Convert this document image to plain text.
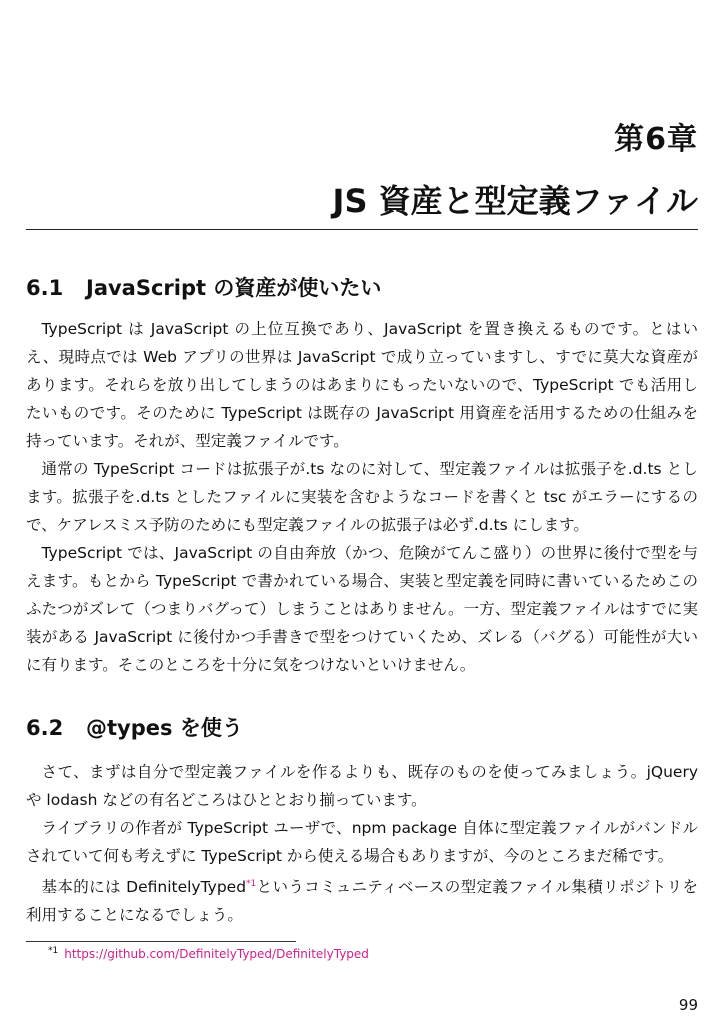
第6章
JS 資産と型定義ファイル
6.1 JavaScript の資産が使いたい

TypeScript は JavaScript の上位互換であり、JavaScript を置き換えるものです。とはいえ、現時点では Web アプリの世界は JavaScript で成り立っていますし、すでに莫大な資産があります。それらを放り出してしまうのはあまりにもったいないので、TypeScript でも活用したいものです。そのために TypeScript は既存の JavaScript 用資産を活用するための仕組みを持っています。それが、型定義ファイルです。

通常の TypeScript コードは拡張子が.ts なのに対して、型定義ファイルは拡張子を.d.ts とします。拡張子を.d.ts としたファイルに実装を含むようなコードを書くと tsc がエラーにするので、ケアレスミス予防のためにも型定義ファイルの拡張子は必ず.d.ts にします。

TypeScript では、JavaScript の自由奔放（かつ、危険がてんこ盛り）の世界に後付で型を与えます。もとから TypeScript で書かれている場合、実装と型定義を同時に書いているためこのふたつがズレて（つまりバグって）しまうことはありません。一方、型定義ファイルはすでに実装がある JavaScript に後付かつ手書きで型をつけていくため、ズレる（バグる）可能性が大いに有ります。そこのところを十分に気をつけないといけません。

6.2 @types を使う

さて、まずは自分で型定義ファイルを作るよりも、既存のものを使ってみましょう。jQuery や lodash などの有名どころはひととおり揃っています。

ライブラリの作者が TypeScript ユーザで、npm package 自体に型定義ファイルがバンドルされていて何も考えずに TypeScript から使える場合もありますが、今のところまだ稀です。

基本的には DefinitelyTyped$^{*1}$というコミュニティベースの型定義ファイル集積リポジトリを利用することになるでしょう。

$^{*1}$ https://github.com/DefinitelyTyped/DefinitelyTyped
99
